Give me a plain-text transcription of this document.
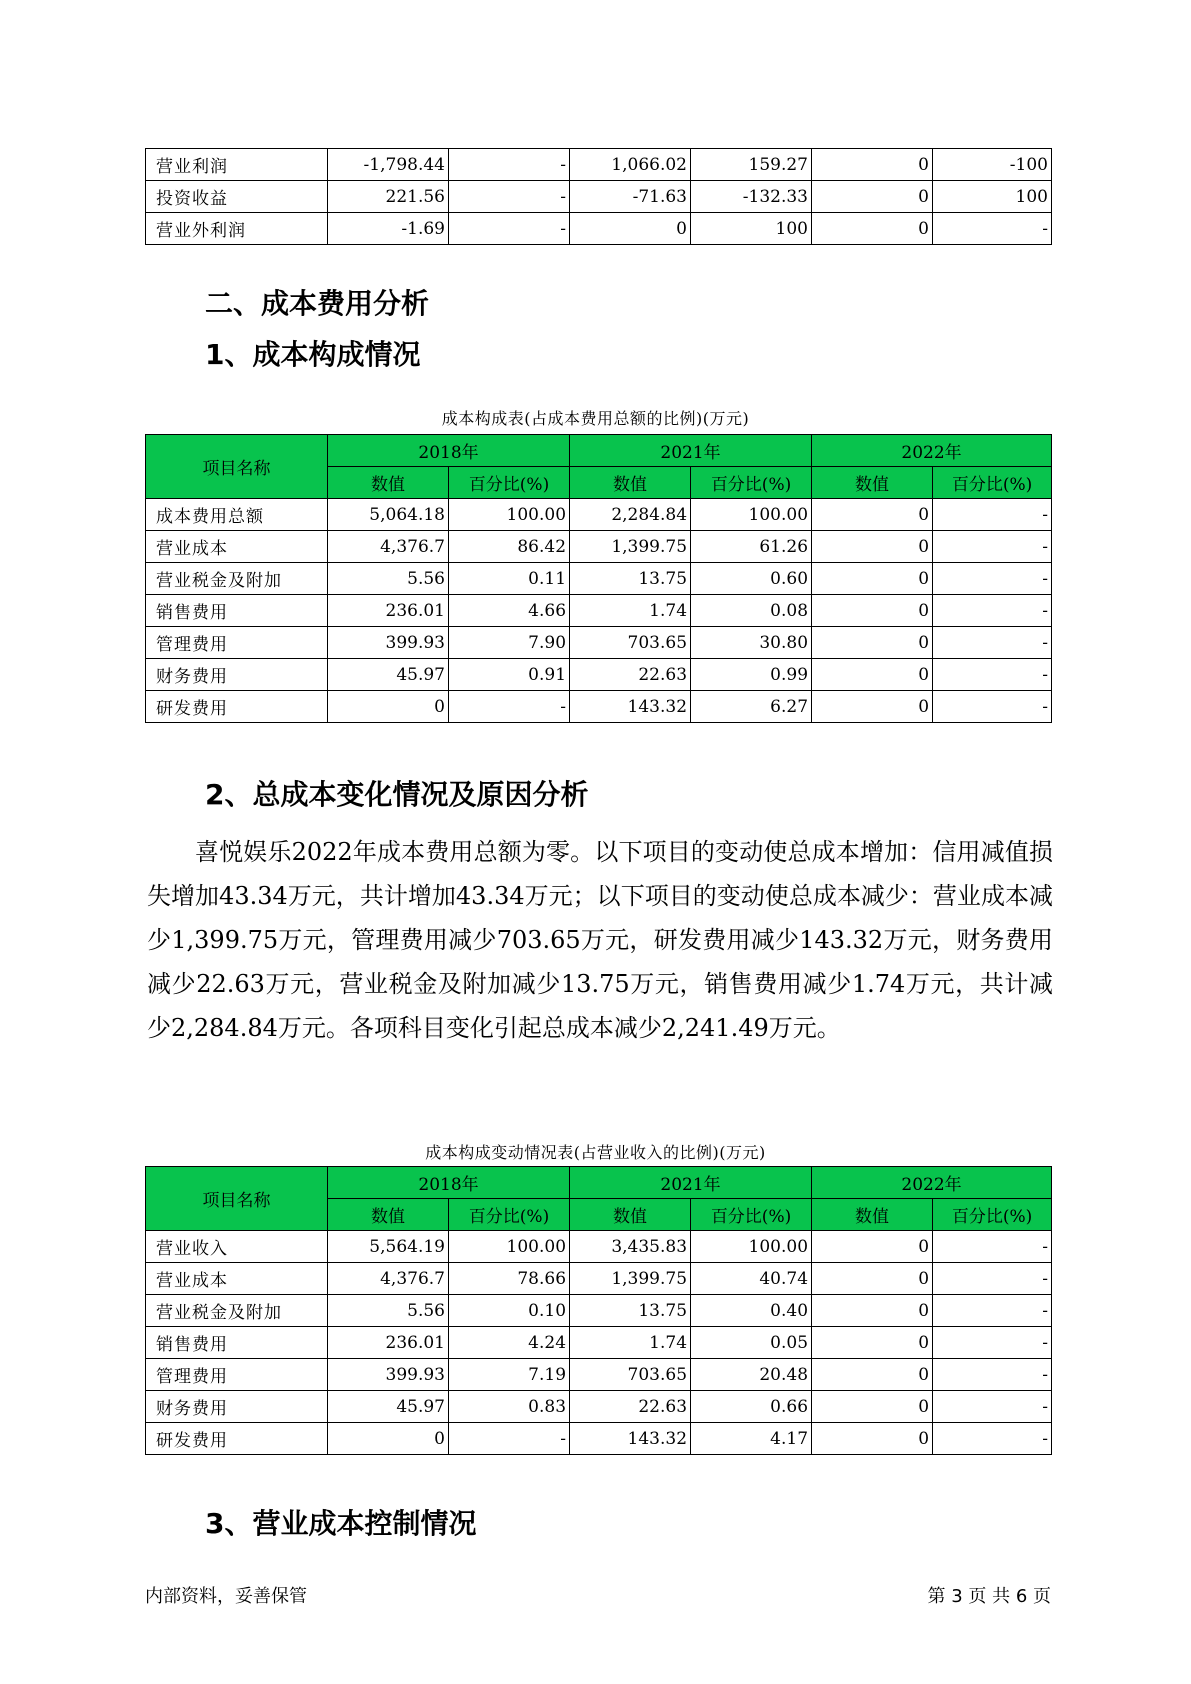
营业利润	-1,798.44	-	1,066.02	159.27	0	-100
投资收益	221.56	-	-71.63	-132.33	0	100
营业外利润	-1.69	-	0	100	0	-
二、成本费用分析
1、成本构成情况
成本构成表(占成本费用总额的比例)(万元)
项目名称	2018年		2021年		2022年	
	数值	百分比(%)	数值	百分比(%)	数值	百分比(%)
成本费用总额	5,064.18	100.00	2,284.84	100.00	0	-
营业成本	4,376.7	86.42	1,399.75	61.26	0	-
营业税金及附加	5.56	0.11	13.75	0.60	0	-
销售费用	236.01	4.66	1.74	0.08	0	-
管理费用	399.93	7.90	703.65	30.80	0	-
财务费用	45.97	0.91	22.63	0.99	0	-
研发费用	0	-	143.32	6.27	0	-
2、总成本变化情况及原因分析

喜悦娱乐2022年成本费用总额为零。以下项目的变动使总成本增加：信用减值损失增加43.34万元，共计增加43.34万元；以下项目的变动使总成本减少：营业成本减少1,399.75万元，管理费用减少703.65万元，研发费用减少143.32万元，财务费用减少22.63万元，营业税金及附加减少13.75万元，销售费用减少1.74万元，共计减少2,284.84万元。各项科目变化引起总成本减少2,241.49万元。

成本构成变动情况表(占营业收入的比例)(万元)
项目名称	2018年		2021年		2022年	
	数值	百分比(%)	数值	百分比(%)	数值	百分比(%)
营业收入	5,564.19	100.00	3,435.83	100.00	0	-
营业成本	4,376.7	78.66	1,399.75	40.74	0	-
营业税金及附加	5.56	0.10	13.75	0.40	0	-
销售费用	236.01	4.24	1.74	0.05	0	-
管理费用	399.93	7.19	703.65	20.48	0	-
财务费用	45.97	0.83	22.63	0.66	0	-
研发费用	0	-	143.32	4.17	0	-
3、营业成本控制情况
内部资料，妥善保管	第 3 页 共 6 页
